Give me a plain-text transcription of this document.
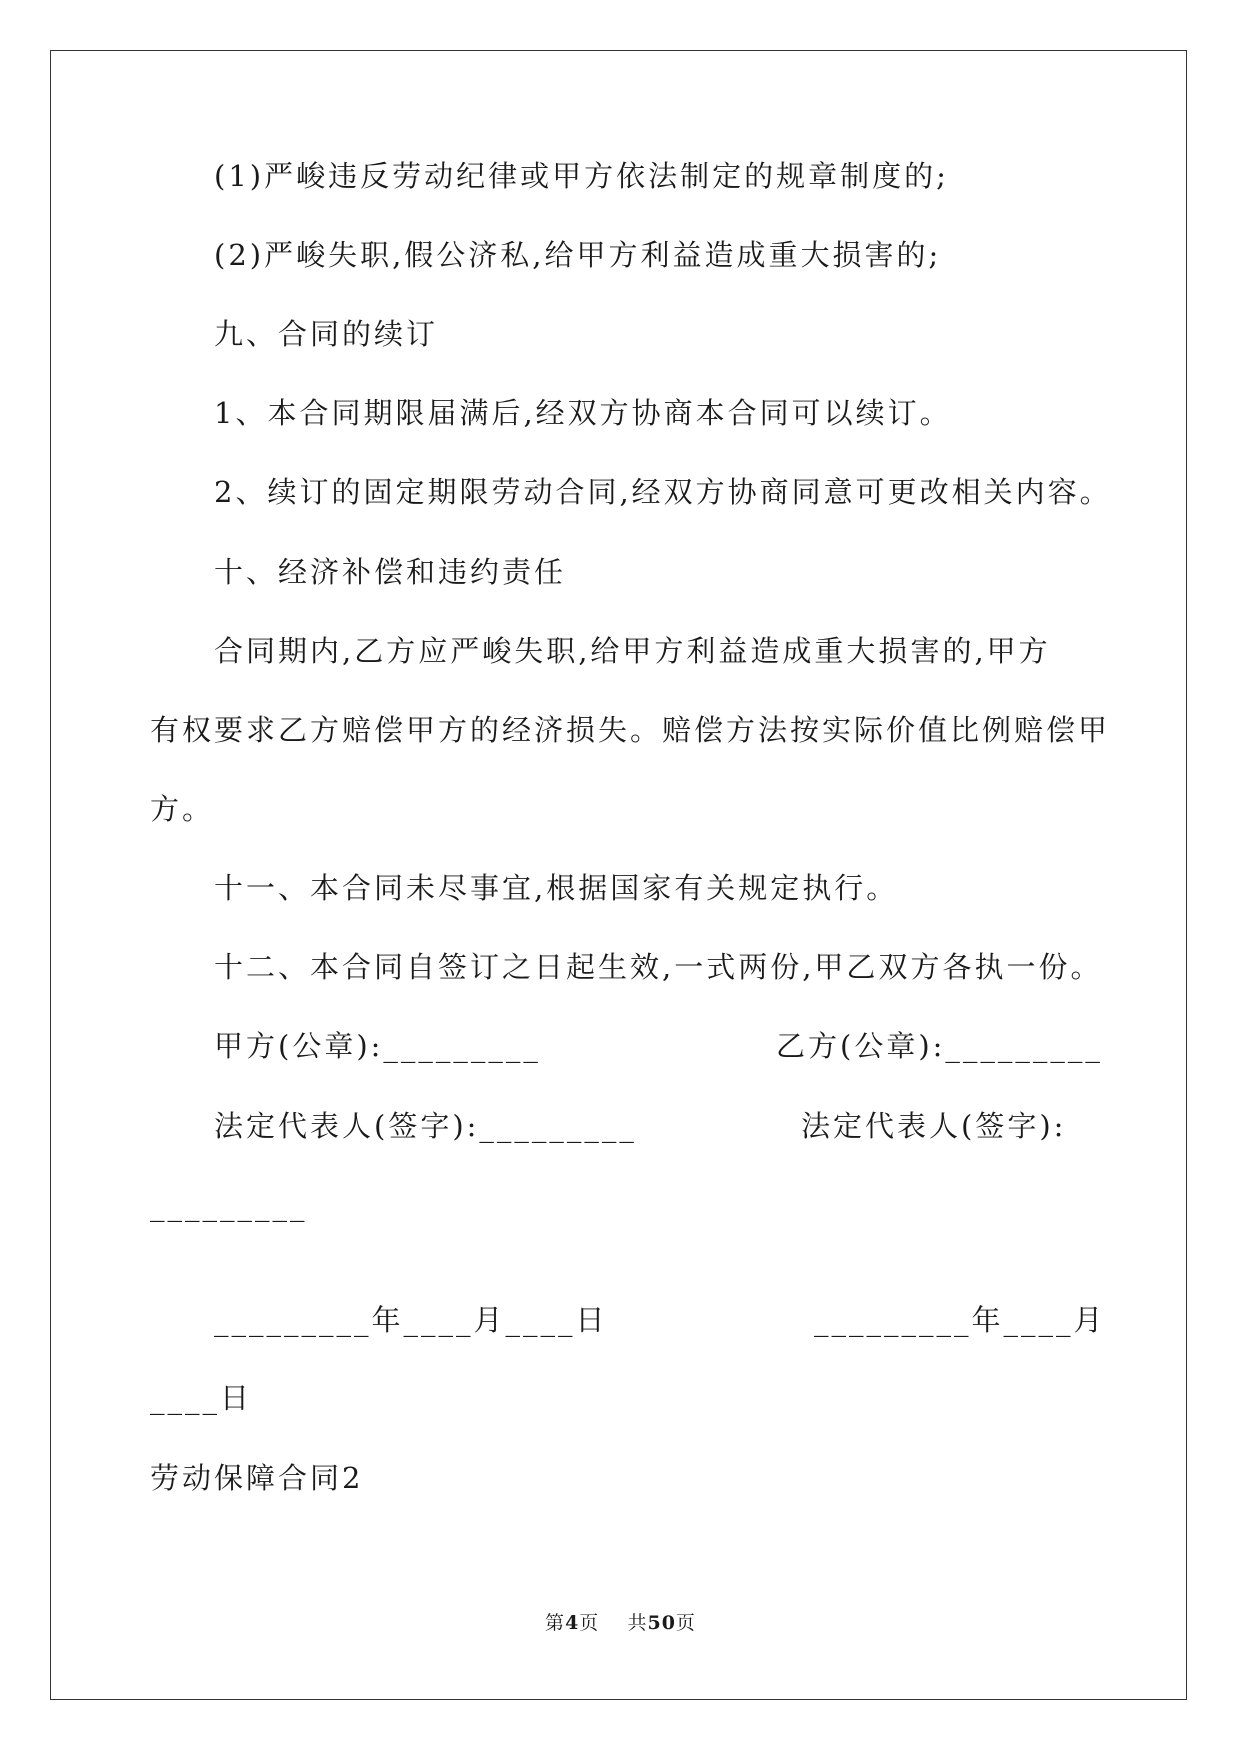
(1)严峻违反劳动纪律或甲方依法制定的规章制度的;
(2)严峻失职,假公济私,给甲方利益造成重大损害的;
九、合同的续订
1、本合同期限届满后,经双方协商本合同可以续订。
2、续订的固定期限劳动合同,经双方协商同意可更改相关内容。
十、经济补偿和违约责任
合同期内,乙方应严峻失职,给甲方利益造成重大损害的,甲方
有权要求乙方赔偿甲方的经济损失。赔偿方法按实际价值比例赔偿甲
方。
十一、本合同未尽事宜,根据国家有关规定执行。
十二、本合同自签订之日起生效,一式两份,甲乙双方各执一份。
甲方(公章):_________	乙方(公章):_________
法定代表人(签字):_________	法定代表人(签字):
_________
_________年____月____日	_________年____月
____日
劳动保障合同2
第4页    共50页
